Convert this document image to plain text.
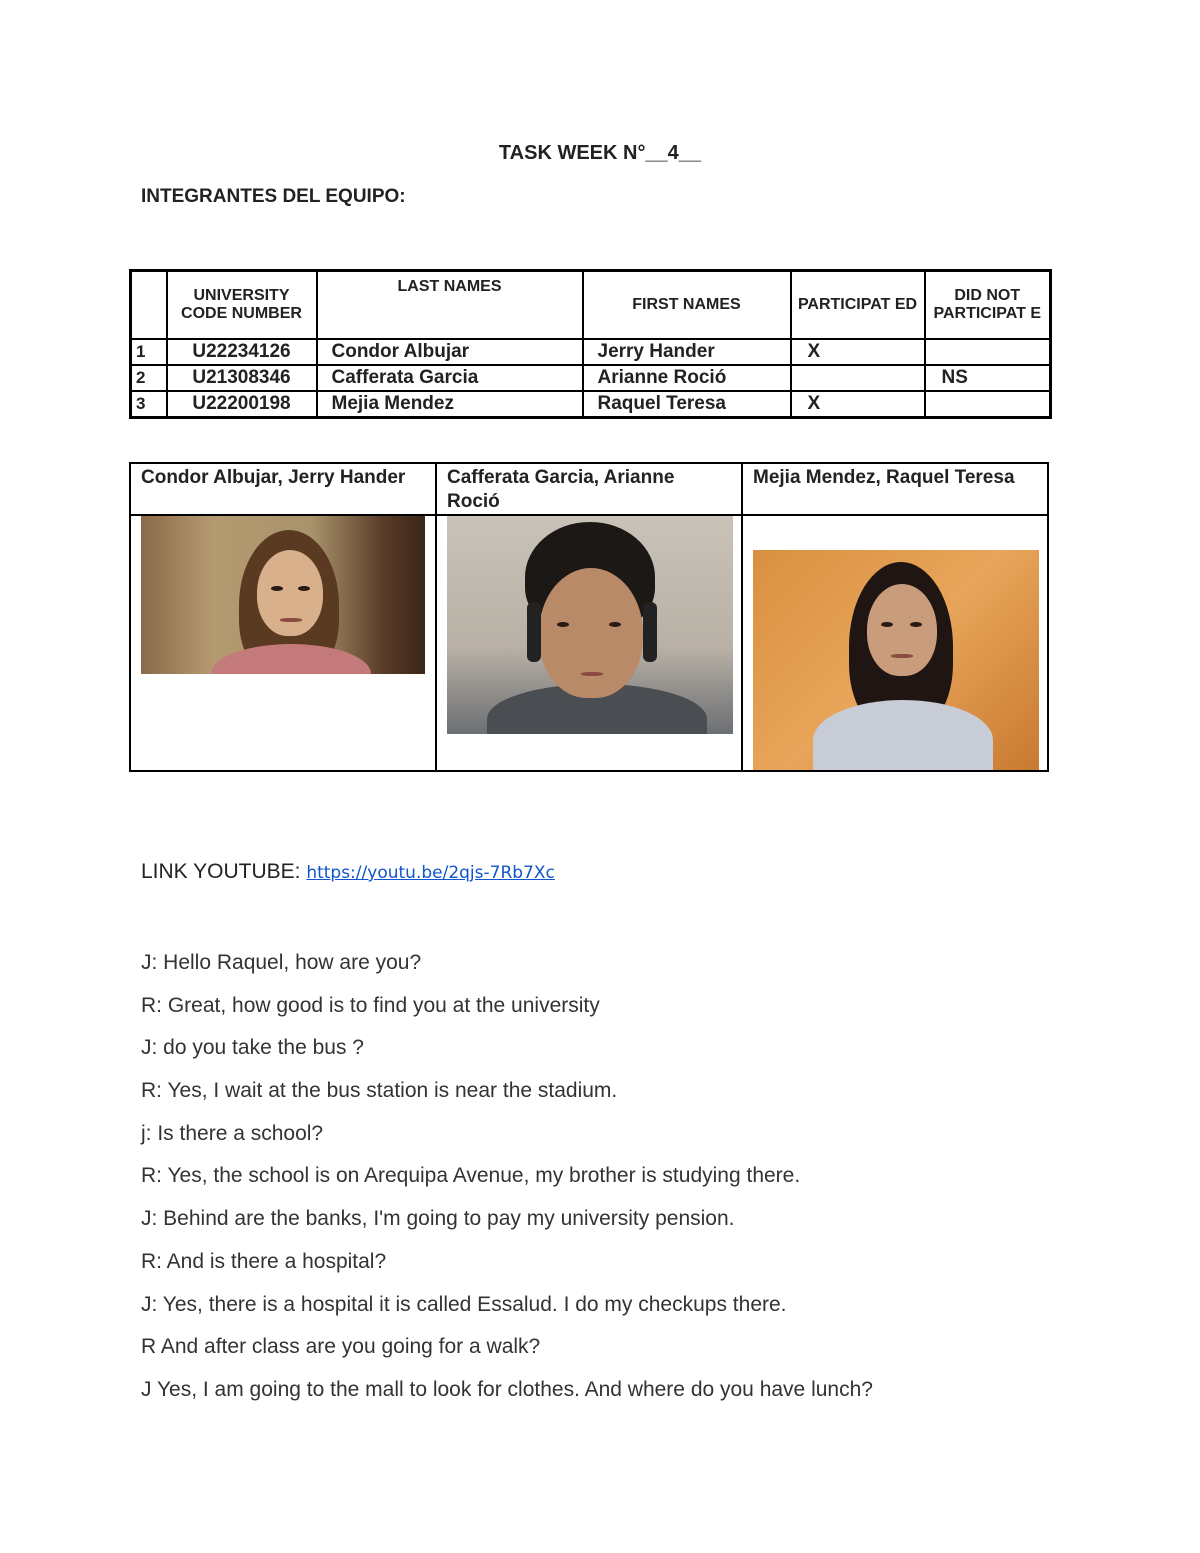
TASK WEEK N°__4__
INTEGRANTES DEL EQUIPO:
	UNIVERSITY CODE NUMBER	LAST NAMES	FIRST NAMES	PARTICIPAT ED	DID NOT PARTICIPAT E
1	U22234126	Condor Albujar	Jerry Hander	X	
2	U21308346	Cafferata Garcia	Arianne Roció		NS
3	U22200198	Mejia Mendez	Raquel Teresa	X	
Condor Albujar, Jerry Hander	Cafferata Garcia, Arianne Roció	Mejia Mendez, Raquel Teresa

LINK YOUTUBE: https://youtu.be/2qjs-7Rb7Xc
J: Hello Raquel, how are you?
R: Great, how good is to find you at the university
J: do you take the bus ?
R: Yes, I wait at the bus station is near the stadium.
j: Is there a school?
R: Yes, the school is on Arequipa Avenue, my brother is studying there.
J: Behind are the banks, I'm going to pay my university pension.
R: And is there a hospital?
J: Yes, there is a hospital it is called Essalud. I do my checkups there.
R And after class are you going for a walk?
J Yes, I am going to the mall to look for clothes. And where do you have lunch?
